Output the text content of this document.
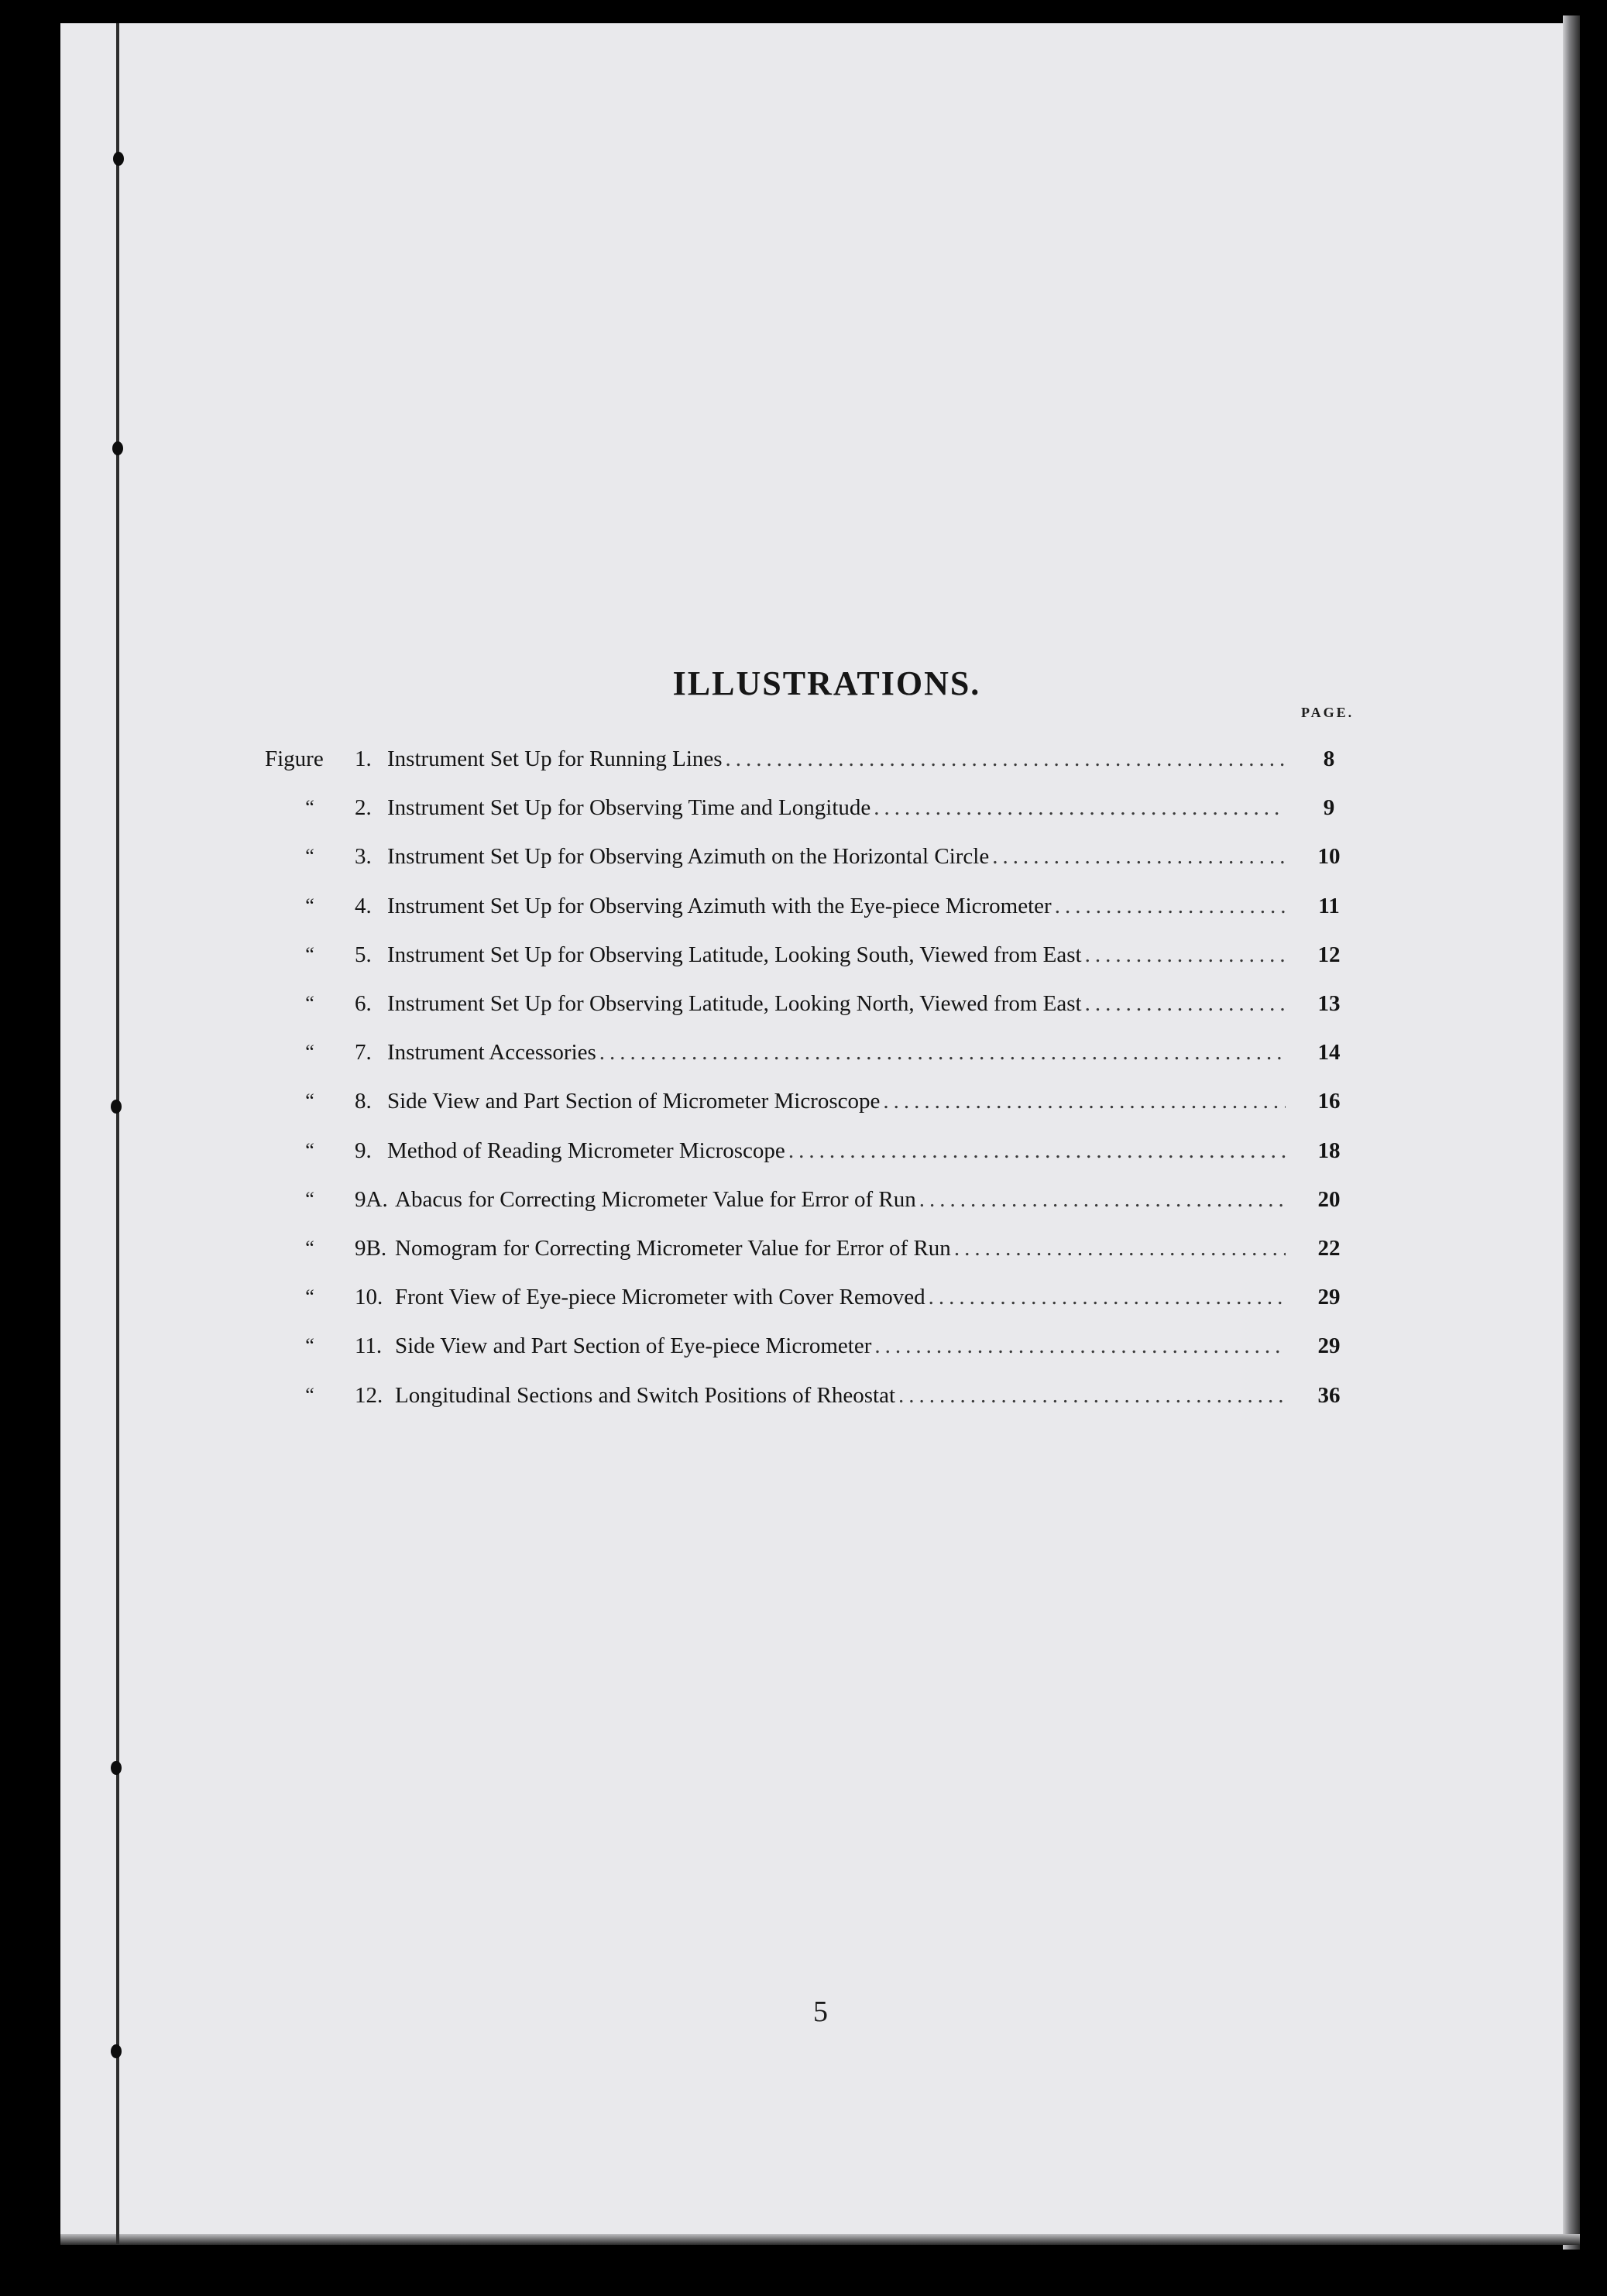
ILLUSTRATIONS.
PAGE.
Figure	1. Instrument Set Up for Running Lines .....	8
“ 2. Instrument Set Up for Observing Time and Longitude .....	9
“ 3. Instrument Set Up for Observing Azimuth on the Horizontal Circle .....	10
“ 4. Instrument Set Up for Observing Azimuth with the Eye-piece Micrometer .....	11
“ 5. Instrument Set Up for Observing Latitude, Looking South, Viewed from East .....	12
“ 6. Instrument Set Up for Observing Latitude, Looking North, Viewed from East .....	13
“ 7. Instrument Accessories .....	14
“ 8. Side View and Part Section of Micrometer Microscope .....	16
“ 9. Method of Reading Micrometer Microscope .....	18
“ 9A. Abacus for Correcting Micrometer Value for Error of Run .....	20
“ 9B. Nomogram for Correcting Micrometer Value for Error of Run .....	22
“ 10. Front View of Eye-piece Micrometer with Cover Removed .....	29
“ 11. Side View and Part Section of Eye-piece Micrometer .....	29
“ 12. Longitudinal Sections and Switch Positions of Rheostat .....	36
5
